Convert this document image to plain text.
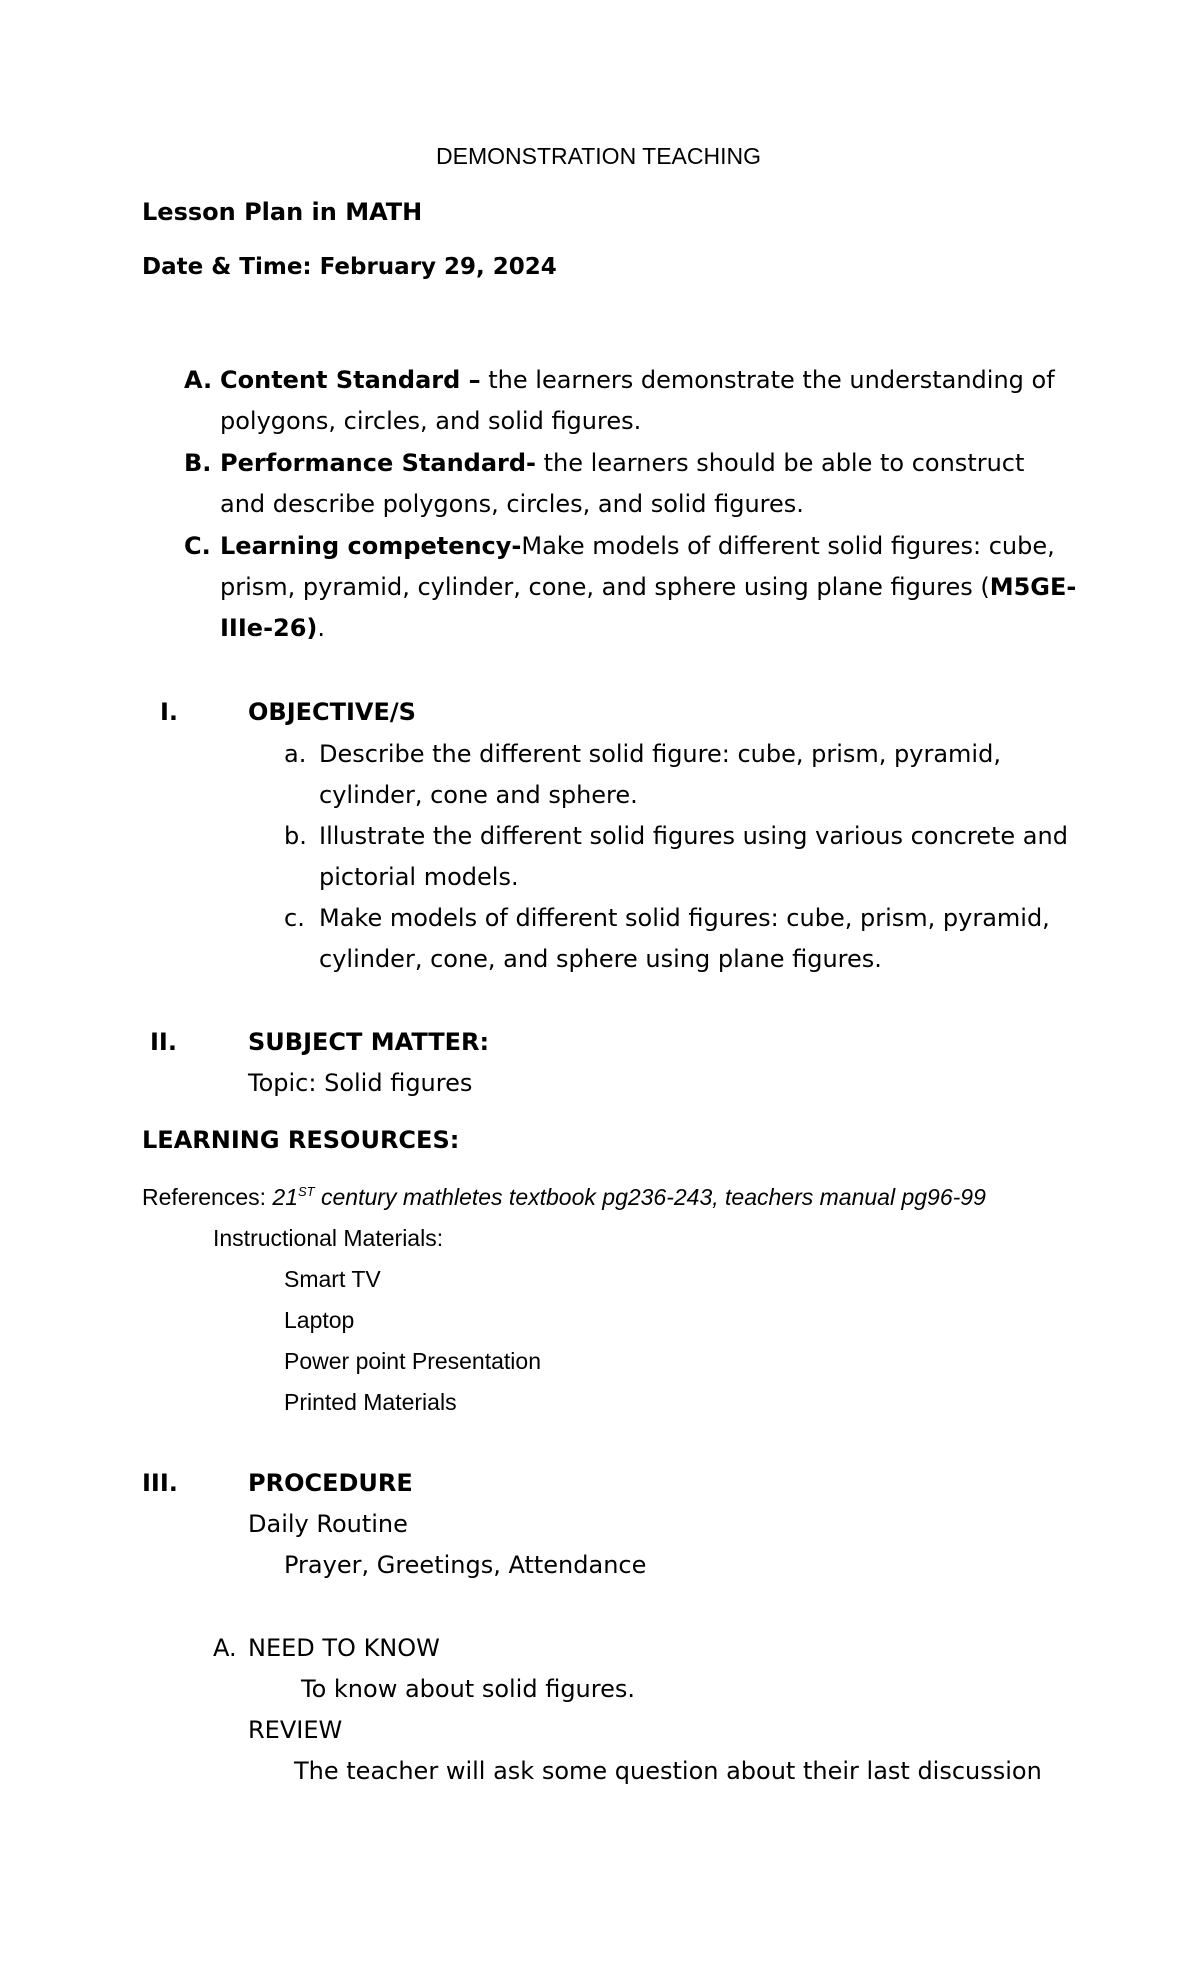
DEMONSTRATION TEACHING
Lesson Plan in MATH
Date & Time: February 29, 2024
A. Content Standard – the learners demonstrate the understanding of
polygons, circles, and solid figures.
B. Performance Standard- the learners should be able to construct
and describe polygons, circles, and solid figures.
C. Learning competency-Make models of different solid figures: cube,
prism, pyramid, cylinder, cone, and sphere using plane figures (M5GE-
IIIe-26).
I.	OBJECTIVE/S
a. Describe the different solid figure: cube, prism, pyramid,
cylinder, cone and sphere.
b. Illustrate the different solid figures using various concrete and
pictorial models.
c. Make models of different solid figures: cube, prism, pyramid,
cylinder, cone, and sphere using plane figures.
II.	SUBJECT MATTER:
Topic: Solid figures
LEARNING RESOURCES:
References: 21ST century mathletes textbook pg236-243, teachers manual pg96-99
Instructional Materials:
Smart TV
Laptop
Power point Presentation
Printed Materials
III.	PROCEDURE
Daily Routine
Prayer, Greetings, Attendance
A. NEED TO KNOW
To know about solid figures.
REVIEW
The teacher will ask some question about their last discussion
